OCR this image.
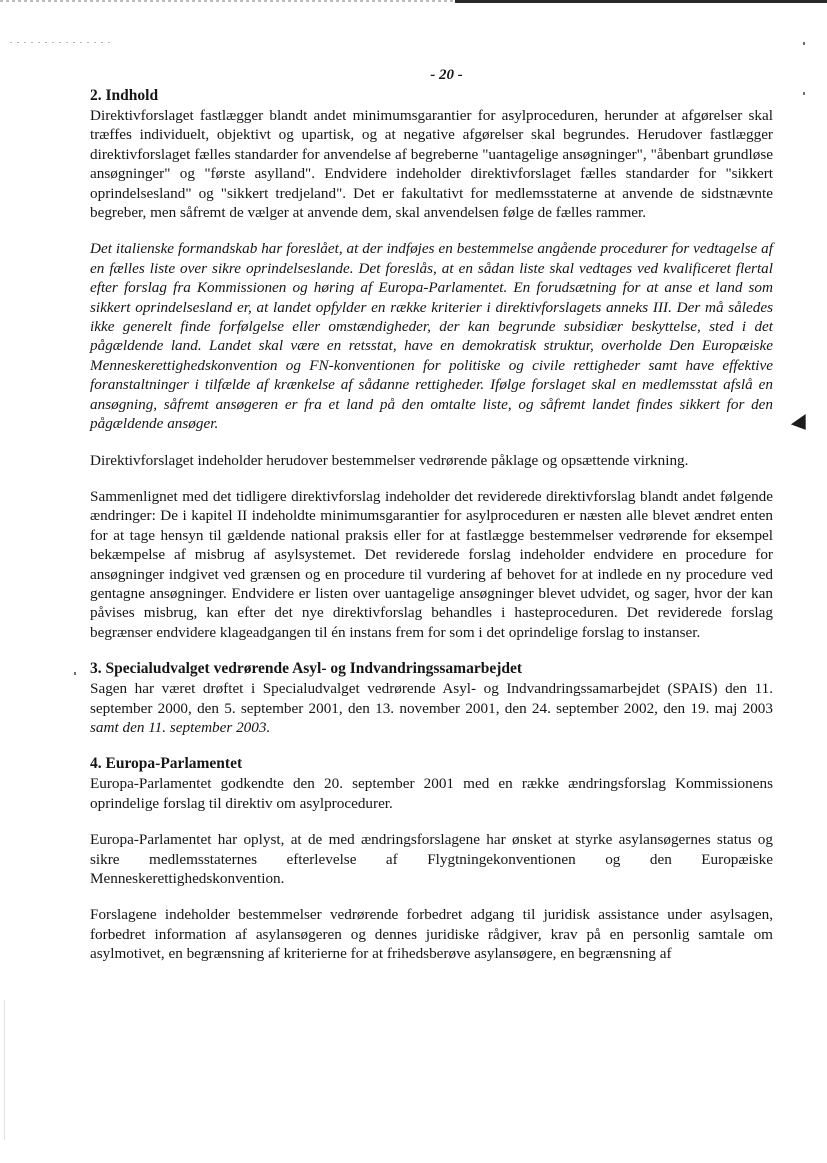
- 20 -
2. Indhold

Direktivforslaget fastlægger blandt andet minimumsgarantier for asylproceduren, herunder at afgørelser skal træffes individuelt, objektivt og upartisk, og at negative afgørelser skal begrundes. Herudover fastlægger direktivforslaget fælles standarder for anvendelse af begreberne "uantagelige ansøgninger", "åbenbart grundløse ansøgninger" og "første asylland". Endvidere indeholder direktivforslaget fælles standarder for "sikkert oprindelsesland" og "sikkert tredjeland". Det er fakultativt for medlemsstaterne at anvende de sidstnævnte begreber, men såfremt de vælger at anvende dem, skal anvendelsen følge de fælles rammer.

Det italienske formandskab har foreslået, at der indføjes en bestemmelse angående procedurer for vedtagelse af en fælles liste over sikre oprindelseslande. Det foreslås, at en sådan liste skal vedtages ved kvalificeret flertal efter forslag fra Kommissionen og høring af Europa-Parlamentet. En forudsætning for at anse et land som sikkert oprindelsesland er, at landet opfylder en række kriterier i direktivforslagets anneks III. Der må således ikke generelt finde forfølgelse eller omstændigheder, der kan begrunde subsidiær beskyttelse, sted i det pågældende land. Landet skal være en retsstat, have en demokratisk struktur, overholde Den Europæiske Menneskerettighedskonvention og FN-konventionen for politiske og civile rettigheder samt have effektive foranstaltninger i tilfælde af krænkelse af sådanne rettigheder. Ifølge forslaget skal en medlemsstat afslå en ansøgning, såfremt ansøgeren er fra et land på den omtalte liste, og såfremt landet findes sikkert for den pågældende ansøger.

Direktivforslaget indeholder herudover bestemmelser vedrørende påklage og opsættende virkning.

Sammenlignet med det tidligere direktivforslag indeholder det reviderede direktivforslag blandt andet følgende ændringer: De i kapitel II indeholdte minimumsgarantier for asylproceduren er næsten alle blevet ændret enten for at tage hensyn til gældende national praksis eller for at fastlægge bestemmelser vedrørende for eksempel bekæmpelse af misbrug af asylsystemet. Det reviderede forslag indeholder endvidere en procedure for ansøgninger indgivet ved grænsen og en procedure til vurdering af behovet for at indlede en ny procedure ved gentagne ansøgninger. Endvidere er listen over uantagelige ansøgninger blevet udvidet, og sager, hvor der kan påvises misbrug, kan efter det nye direktivforslag behandles i hasteproceduren. Det reviderede forslag begrænser endvidere klageadgangen til én instans frem for som i det oprindelige forslag to instanser.

3. Specialudvalget vedrørende Asyl- og Indvandringssamarbejdet

Sagen har været drøftet i Specialudvalget vedrørende Asyl- og Indvandringssamarbejdet (SPAIS) den 11. september 2000, den 5. september 2001, den 13. november 2001, den 24. september 2002, den 19. maj 2003 samt den 11. september 2003.

4. Europa-Parlamentet

Europa-Parlamentet godkendte den 20. september 2001 med en række ændringsforslag Kommissionens oprindelige forslag til direktiv om asylprocedurer.

Europa-Parlamentet har oplyst, at de med ændringsforslagene har ønsket at styrke asylansøgernes status og sikre medlemsstaternes efterlevelse af Flygtningekonventionen og den Europæiske Menneskerettighedskonvention.

Forslagene indeholder bestemmelser vedrørende forbedret adgang til juridisk assistance under asylsagen, forbedret information af asylansøgeren og dennes juridiske rådgiver, krav på en personlig samtale om asylmotivet, en begrænsning af kriterierne for at frihedsberøve asylansøgere, en begrænsning af
